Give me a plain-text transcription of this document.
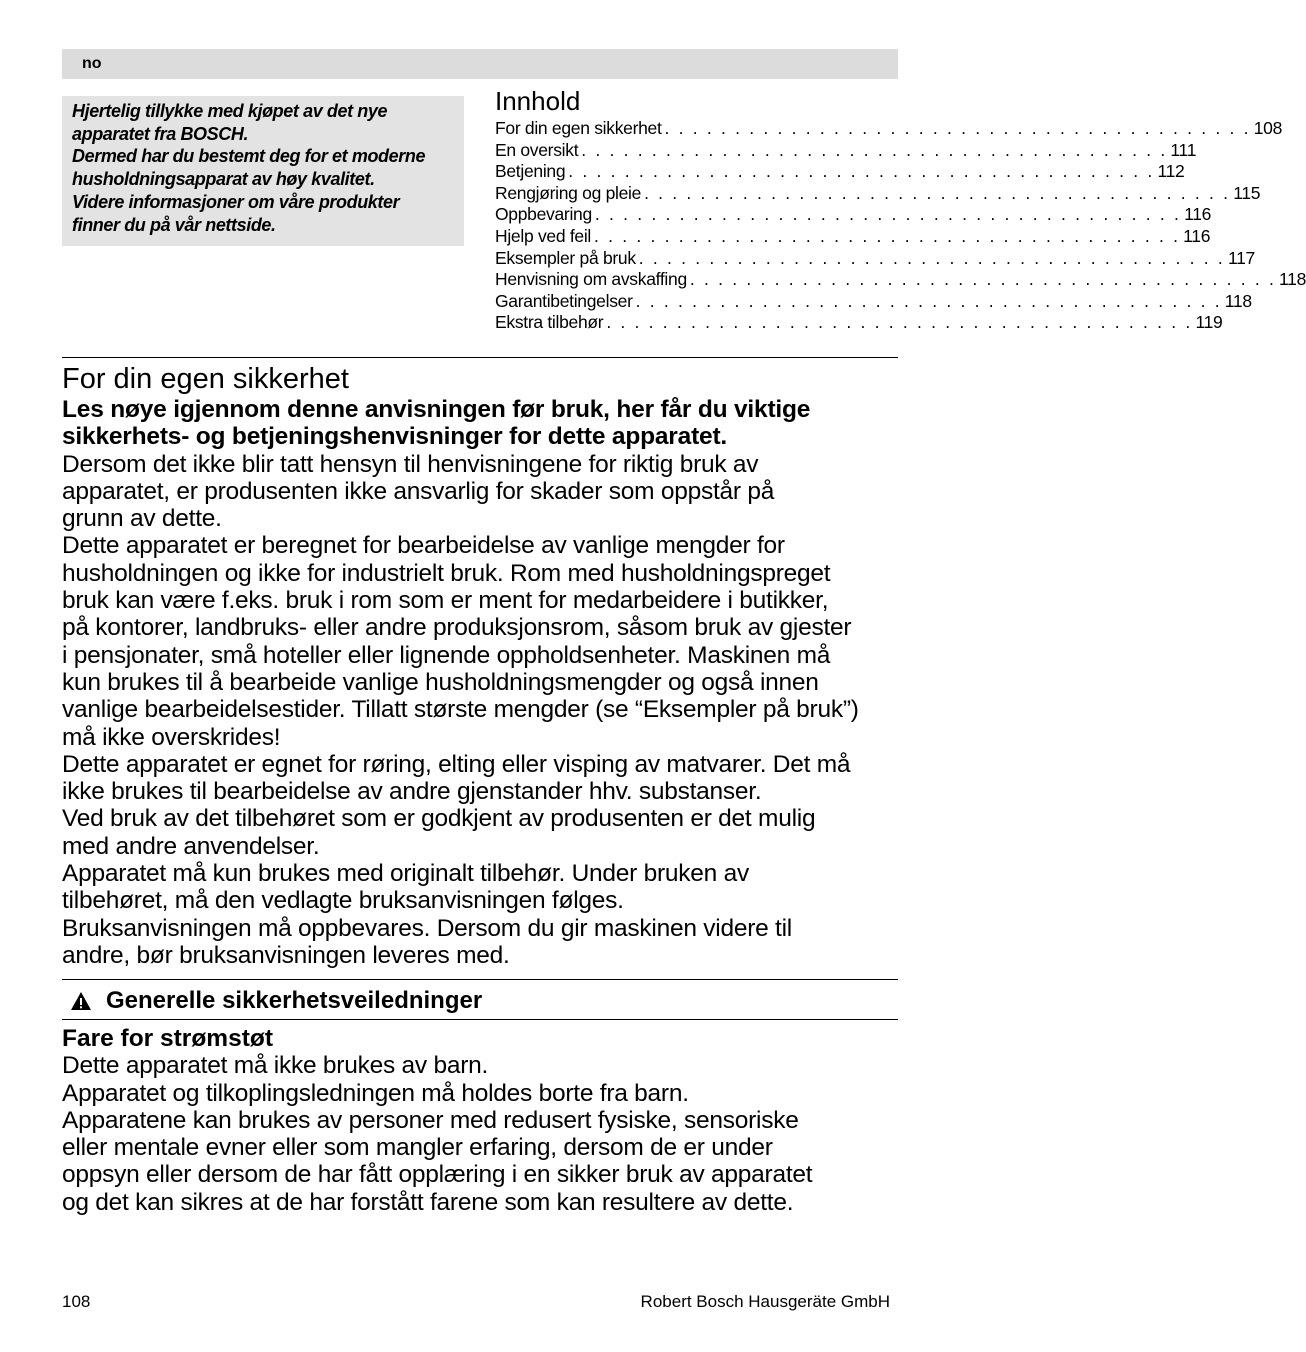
no

Hjertelig tillykke med kjøpet av det nye

apparatet fra BOSCH.

Dermed har du bestemt deg for et moderne

husholdningsapparat av høy kvalitet.

Videre informasjoner om våre produkter

finner du på vår nettside.

Innhold
For din egen sikkerhet . . . . . . . . . . . . . . . . . . . . . . . . . . . . . . . . . . . . . . . . . . 108
En oversikt . . . . . . . . . . . . . . . . . . . . . . . . . . . . . . . . . . . . . . . . . . 111
Betjening . . . . . . . . . . . . . . . . . . . . . . . . . . . . . . . . . . . . . . . . . . 112
Rengjøring og pleie . . . . . . . . . . . . . . . . . . . . . . . . . . . . . . . . . . . . . . . . . . 115
Oppbevaring . . . . . . . . . . . . . . . . . . . . . . . . . . . . . . . . . . . . . . . . . . 116
Hjelp ved feil . . . . . . . . . . . . . . . . . . . . . . . . . . . . . . . . . . . . . . . . . . 116
Eksempler på bruk . . . . . . . . . . . . . . . . . . . . . . . . . . . . . . . . . . . . . . . . . . 117
Henvisning om avskaffing . . . . . . . . . . . . . . . . . . . . . . . . . . . . . . . . . . . . . . . . . . 118
Garantibetingelser . . . . . . . . . . . . . . . . . . . . . . . . . . . . . . . . . . . . . . . . . . 118
Ekstra tilbehør . . . . . . . . . . . . . . . . . . . . . . . . . . . . . . . . . . . . . . . . . . 119
For din egen sikkerhet

Les nøye igjennom denne anvisningen før bruk, her får du viktige

sikkerhets- og betjeningshenvisninger for dette apparatet.

Dersom det ikke blir tatt hensyn til henvisningene for riktig bruk av

apparatet, er produsenten ikke ansvarlig for skader som oppstår på

grunn av dette.

Dette apparatet er beregnet for bearbeidelse av vanlige mengder for

husholdningen og ikke for industrielt bruk. Rom med husholdningspreget

bruk kan være f.eks. bruk i rom som er ment for medarbeidere i butikker,

på kontorer, landbruks- eller andre produksjonsrom, såsom bruk av gjester

i pensjonater, små hoteller eller lignende oppholdsenheter. Maskinen må

kun brukes til å bearbeide vanlige husholdningsmengder og også innen

vanlige bearbeidelsestider. Tillatt største mengder (se “Eksempler på bruk”)

må ikke overskrides!

Dette apparatet er egnet for røring, elting eller visping av matvarer. Det må

ikke brukes til bearbeidelse av andre gjenstander hhv. substanser.

Ved bruk av det tilbehøret som er godkjent av produsenten er det mulig

med andre anvendelser.

Apparatet må kun brukes med originalt tilbehør. Under bruken av

tilbehøret, må den vedlagte bruksanvisningen følges.

Bruksanvisningen må oppbevares. Dersom du gir maskinen videre til

andre, bør bruksanvisningen leveres med.

Generelle sikkerhetsveiledninger
Fare for strømstøt

Dette apparatet må ikke brukes av barn.

Apparatet og tilkoplingsledningen må holdes borte fra barn.

Apparatene kan brukes av personer med redusert fysiske, sensoriske

eller mentale evner eller som mangler erfaring, dersom de er under

oppsyn eller dersom de har fått opplæring i en sikker bruk av apparatet

og det kan sikres at de har forstått farene som kan resultere av dette.

108	Robert Bosch Hausgeräte GmbH
